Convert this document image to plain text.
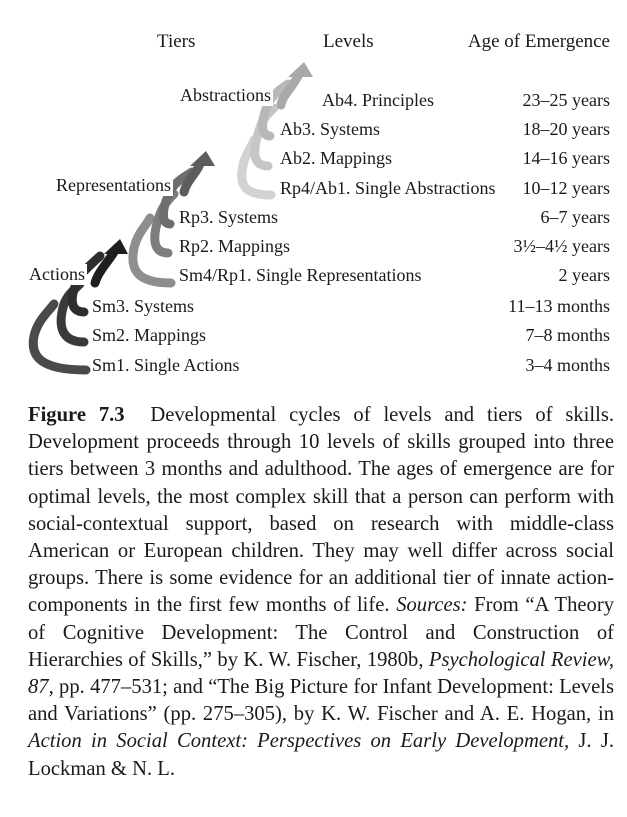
Tiers	Levels	Age of Emergence
Abstractions
Representations
Actions
Ab4. Principles	23–25 years
Ab3. Systems	18–20 years
Ab2. Mappings	14–16 years
Rp4/Ab1. Single Abstractions 10–12 years
Rp3. Systems	6–7 years
Rp2. Mappings	3½–4½ years
Sm4/Rp1. Single Representations	2 years
Sm3. Systems	11–13 months
Sm2. Mappings	7–8 months
Sm1. Single Actions	3–4 months
Figure 7.3 Developmental cycles of levels and tiers of skills. Development proceeds through 10 levels of skills grouped into three tiers between 3 months and adulthood. The ages of emergence are for optimal levels, the most complex skill that a person can perform with social-contextual support, based on research with middle-class American or European children. They may well differ across social groups. There is some evidence for an additional tier of innate action-components in the first few months of life. Sources: From “A Theory of Cognitive Development: The Control and Construction of Hierarchies of Skills,” by K. W. Fischer, 1980b, Psychological Review, 87, pp. 477–531; and “The Big Picture for Infant Development: Levels and Variations” (pp. 275–305), by K. W. Fischer and A. E. Hogan, in Action in Social Context: Perspectives on Early Development, J. J. Lockman & N. L.
